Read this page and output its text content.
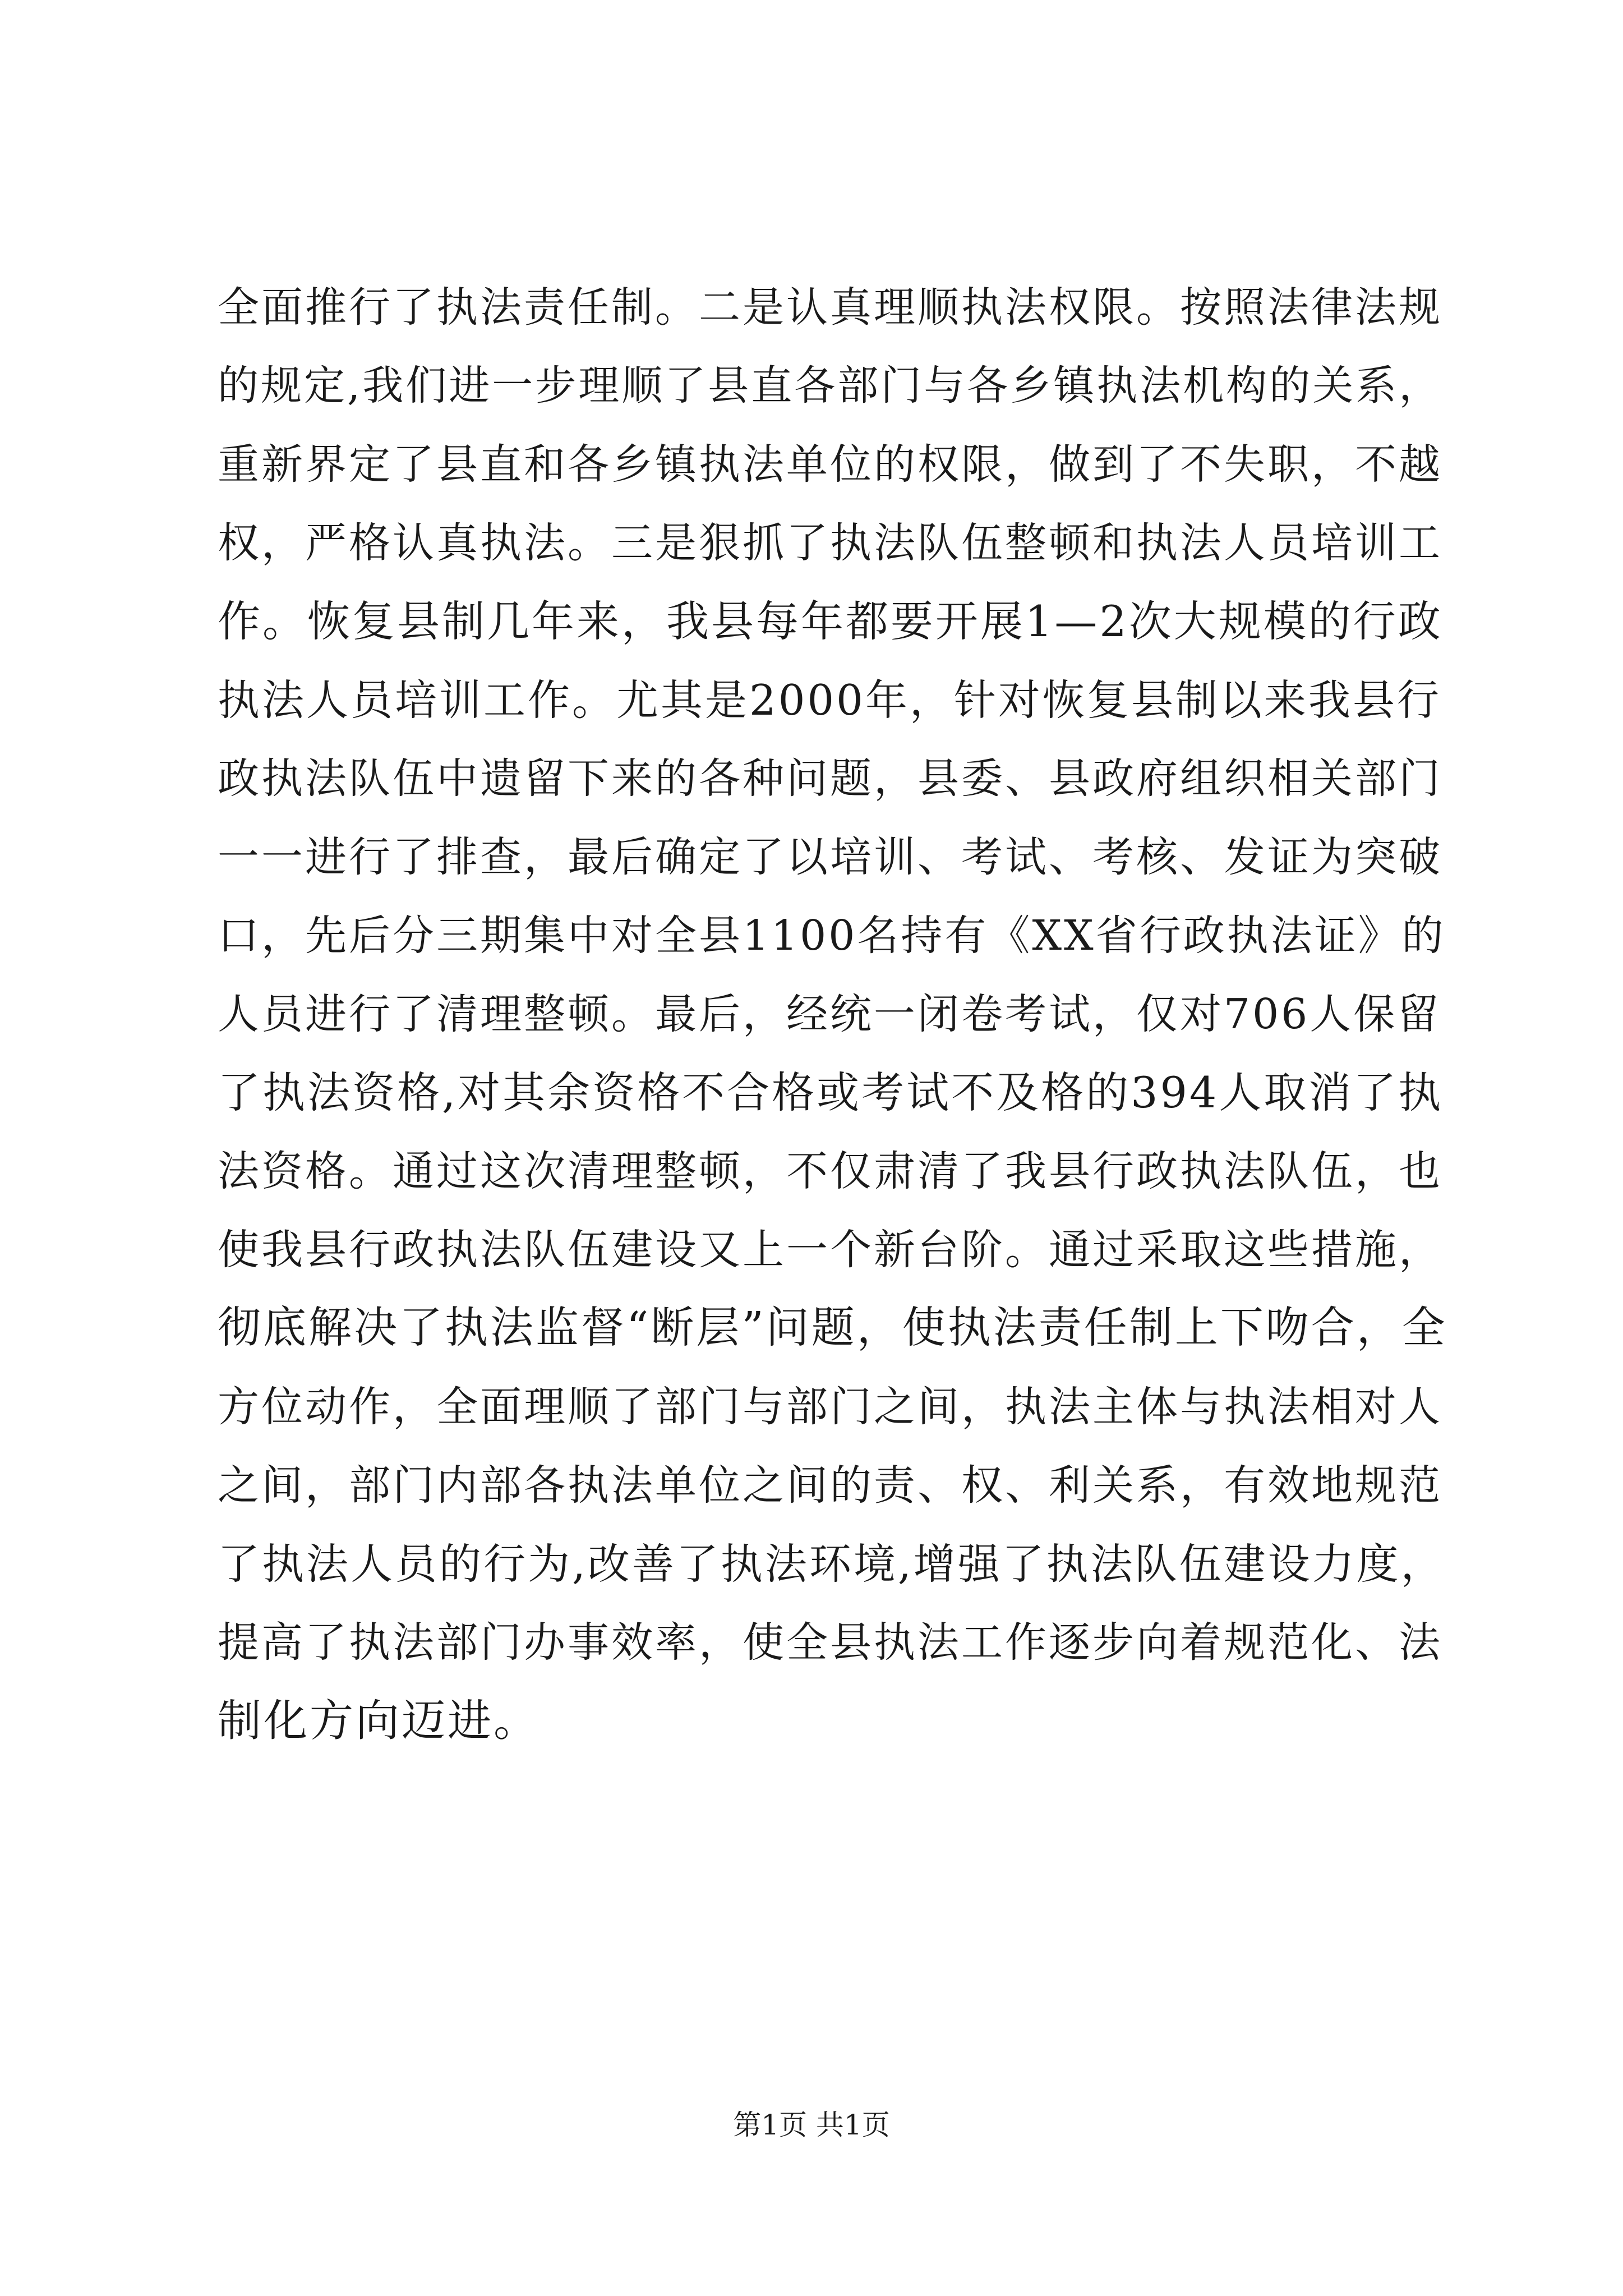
全面推行了执法责任制。二是认真理顺执法权限。按照法律法规
的规定,我们进一步理顺了县直各部门与各乡镇执法机构的关系，
重新界定了县直和各乡镇执法单位的权限，做到了不失职，不越
权，严格认真执法。三是狠抓了执法队伍整顿和执法人员培训工
作。恢复县制几年来，我县每年都要开展1—2次大规模的行政
执法人员培训工作。尤其是2000年，针对恢复县制以来我县行
政执法队伍中遗留下来的各种问题，县委、县政府组织相关部门
一一进行了排查，最后确定了以培训、考试、考核、发证为突破
口，先后分三期集中对全县1100名持有《XX省行政执法证》的
人员进行了清理整顿。最后，经统一闭卷考试，仅对706人保留
了执法资格,对其余资格不合格或考试不及格的394人取消了执
法资格。通过这次清理整顿，不仅肃清了我县行政执法队伍，也
使我县行政执法队伍建设又上一个新台阶。通过采取这些措施，
彻底解决了执法监督“断层”问题，使执法责任制上下吻合，全
方位动作，全面理顺了部门与部门之间，执法主体与执法相对人
之间，部门内部各执法单位之间的责、权、利关系，有效地规范
了执法人员的行为,改善了执法环境,增强了执法队伍建设力度，
提高了执法部门办事效率，使全县执法工作逐步向着规范化、法
制化方向迈进。
第1页 共1页
